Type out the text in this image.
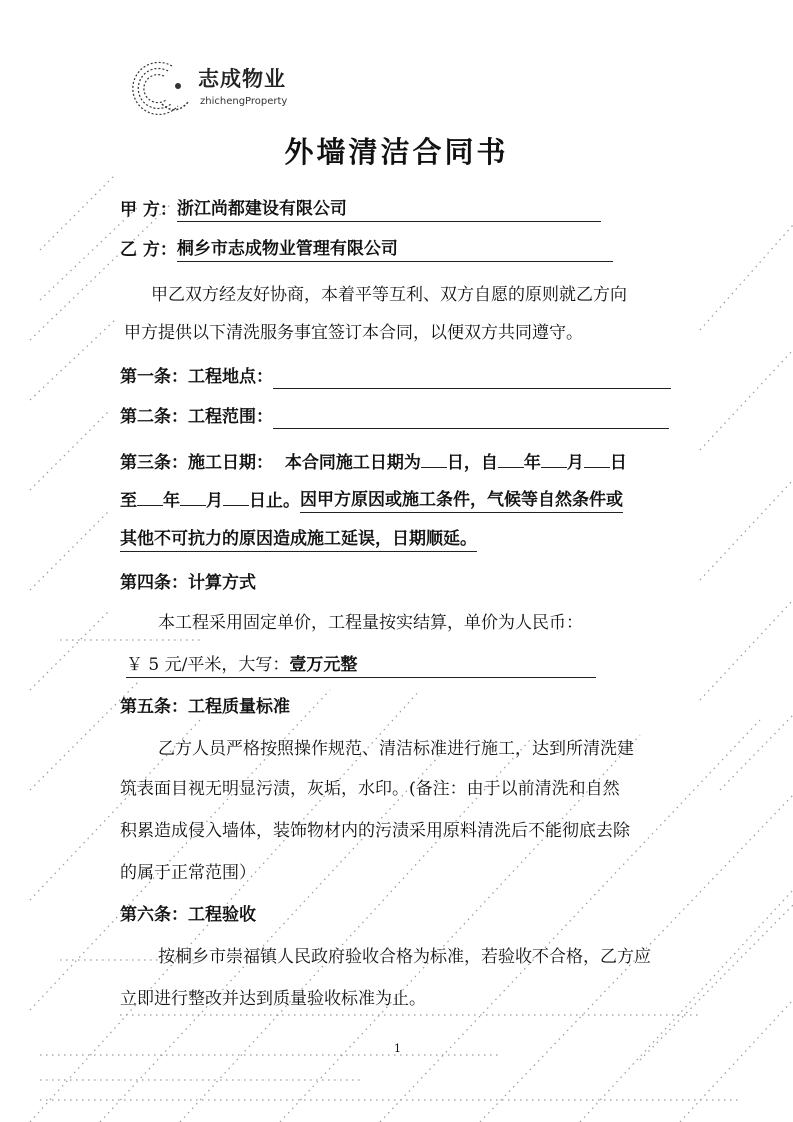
志成物业
zhichengProperty
外墙清洁合同书
甲 方：浙江尚都建设有限公司
乙 方：桐乡市志成物业管理有限公司
甲乙双方经友好协商，本着平等互利、双方自愿的原则就乙方向
甲方提供以下清洗服务事宜签订本合同，以便双方共同遵守。
第一条：工程地点：
第二条：工程范围：
第三条：施工日期： 本合同施工日期为 日，自 年 月 日
至 年 月 日止。因甲方原因或施工条件，气候等自然条件或
其他不可抗力的原因造成施工延误，日期顺延。
第四条：计算方式
本工程采用固定单价，工程量按实结算，单价为人民币：
￥ 5 元/平米，大写：壹万元整
第五条：工程质量标准
乙方人员严格按照操作规范、清洁标准进行施工，达到所清洗建
筑表面目视无明显污渍，灰垢，水印。(备注：由于以前清洗和自然
积累造成侵入墙体，装饰物材内的污渍采用原料清洗后不能彻底去除
的属于正常范围）
第六条：工程验收
按桐乡市崇福镇人民政府验收合格为标准，若验收不合格，乙方应
立即进行整改并达到质量验收标准为止。
1
